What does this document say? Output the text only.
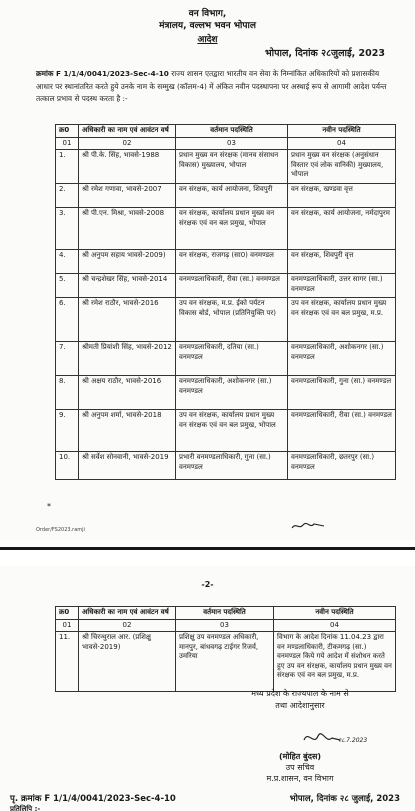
वन विभाग,
मंत्रालय, वल्लभ भवन भोपाल
आदेश
भोपाल, दिनांक २८जुलाई, 2023
क्रमांक F 1/1/4/0041/2023-Sec-4-10 राज्य शासन एतद्वारा भारतीय वन सेवा के निम्नांकित अधिकारियों को प्रशासकीय आधार पर स्थानांतरित करते हुये उनके नाम के सम्मुख (कॉलम-4) में अंकित नवीन पदस्थापना पर अस्थाई रूप से आगामी आदेश पर्यन्त तत्काल प्रभाव से पदस्थ करता है :-
क्र0	अधिकारी का नाम एवं आवंटन वर्ष	वर्तमान पदस्थिति	नवीन पदस्थिति
01	02	03	04
1.	श्री पी.के. सिंह, भावसे-1988	प्रधान मुख्य वन संरक्षक (मानव संसाधन विकास) मुख्यालय, भोपाल	प्रधान मुख्य वन संरक्षक (अनुसंधान विस्तार एवं लोक वानिकी) मुख्यालय, भोपाल
2.	श्री रमेश गणावा, भावसे-2007	वन संरक्षक, कार्य आयोजना, शिवपुरी	वन संरक्षक, खण्डवा वृत्त
3.	श्री पी.एन. मिश्रा, भावसे-2008	वन संरक्षक, कार्यालय प्रधान मुख्य वन संरक्षक एवं वन बल प्रमुख, भोपाल	वन संरक्षक, कार्य आयोजना, नर्मदापुरम
4.	श्री अनुपम सहाय भावसे-2009)	वन संरक्षक, राजगढ़ (सा0) वनमण्डल	वन संरक्षक, शिवपुरी वृत्त
5.	श्री चन्द्रशेखर सिंह, भावसे-2014	वनमण्डलाधिकारी, रीवा (सा.) वनमण्डल	वनमण्डलाधिकारी, उत्तर सागर (सा.) वनमण्डल
6.	श्री रमेश राठौर, भावसे-2016	उप वन संरक्षक, म.प्र. ईको पर्यटन विकास बोर्ड, भोपाल (प्रतिनियुक्ति पर)	उप वन संरक्षक, कार्यालय प्रधान मुख्य वन संरक्षक एवं वन बल प्रमुख, म.प्र.
7.	श्रीमती प्रियांशी सिंह, भावसे-2012	वनमण्डलाधिकारी, दतिया (सा.) वनमण्डल	वनमण्डलाधिकारी, अशोकनगर (सा.) वनमण्डल
8.	श्री अक्षय राठौर, भावसे-2016	वनमण्डलाधिकारी, अशोकनगर (सा.) वनमण्डल	वनमण्डलाधिकारी, गुना (सा.) वनमण्डल
9.	श्री अनुपम शर्मा, भावसे-2018	उप वन संरक्षक, कार्यालय प्रधान मुख्य वन संरक्षक एवं वन बल प्रमुख, भोपाल	वनमण्डलाधिकारी, रीवा (सा.) वनमण्डल
10.	श्री सर्वेश सोनवानी, भावसे-2019	प्रभारी वनमण्डलाधिकारी, गुना (सा.) वनमण्डल	वनमण्डलाधिकारी, छतरपुर (सा.) वनमण्डल
*
Order/FS2023.ramji
-2-
क्र0	अधिकारी का नाम एवं आवंटन वर्ष	वर्तमान पदस्थिति	नवीन पदस्थिति
01	02	03	04
11.	श्री चिरन्थुराल आर. (प्रशिक्षु भावसे-2019)	प्रशिक्षु उप वनमण्डल अधिकारी, मानपुर, बांधवगढ़ टाईगर रिजर्व, उमरिया	विभाग के आदेश दिनांक 11.04.23 द्वारा वन मण्डलाधिकारी, टीकमगढ़ (सा.) वनमण्डल किये गये आदेश में संशोधन करते हुए उप वन संरक्षक, कार्यालय प्रधान मुख्य वन संरक्षक एवं वन बल प्रमुख, म.प्र.
मध्य प्रदेश के राज्यपाल के नाम से
तथा आदेशानुसार
२८.7.2023
(मोहित बुंदस)
उप सचिव
म.प्र.शासन, वन विभाग
पृ. क्रमांक F 1/1/4/0041/2023-Sec-4-10	भोपाल, दिनांक २८ जुलाई, 2023
प्रतिलिपि :-
